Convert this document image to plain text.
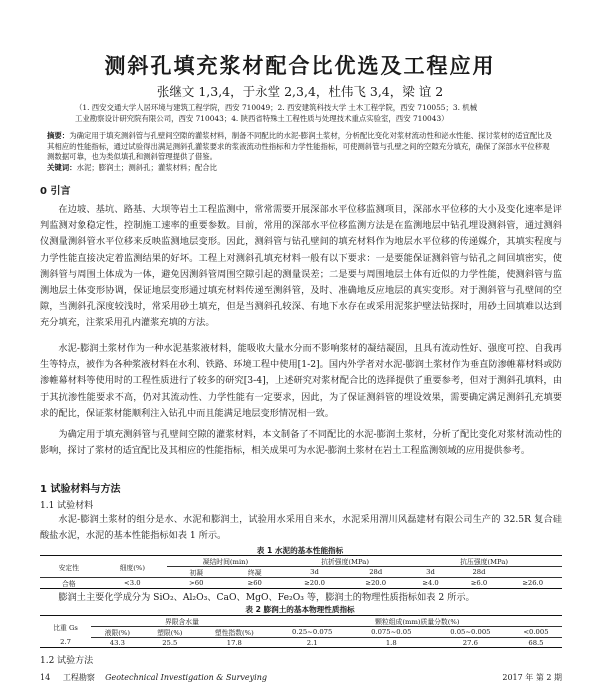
测斜孔填充浆材配合比优选及工程应用
张继文 1,3,4，于永堂 2,3,4，杜伟飞 3,4，梁 谊 2
（1. 西安交通大学人居环境与建筑工程学院，西安 710049；2. 西安建筑科技大学 土木工程学院，西安 710055；3. 机械
工业勘察设计研究院有限公司，西安 710043；4. 陕西省特殊土工程性质与处理技术重点实验室，西安 710043）
摘要：为确定用于填充测斜管与孔壁间空隙的灌浆材料，制备不同配比的水泥-膨润土浆材，分析配比变化对浆材流动性和泌水性能、探讨浆材的适宜配比及其相应的性能指标，通过试验得出满足测斜孔灌浆要求的浆液流动性指标和力学性能指标，可使测斜管与孔壁之间的空隙充分填充，确保了深部水平位移观测数据可靠，也为类似填孔和测斜管理提供了借鉴。
关键词：水泥；膨润土；测斜孔；灌浆材料；配合比
0 引言
在边坡、基坑、路基、大坝等岩土工程监测中，常常需要开展深部水平位移监测项目，深部水平位移的大小及变化速率是评判监测对象稳定性，控制施工速率的重要参数。目前，常用的深部水平位移监测方法是在监测地层中钻孔埋设测斜管，通过测斜仪测量测斜管水平位移来反映监测地层变形。因此，测斜管与钻孔壁间的填充材料作为地层水平位移的传递媒介，其填实程度与力学性能直接决定着监测结果的好坏。工程上对测斜孔填充材料一般有以下要求：一是要能保证测斜管与钻孔之间回填密实，使测斜管与周围土体成为一体，避免因测斜管周围空隙引起的测量误差；二是要与周围地层土体有近似的力学性能，使测斜管与监测地层土体变形协调，保证地层变形通过填充材料传递至测斜管，及时、准确地反应地层的真实变形。对于测斜管与孔壁间的空隙，当测斜孔深度较浅时，常采用砂土填充，但是当测斜孔较深、有地下水存在或采用泥浆护壁法钻探时，用砂土回填难以达到充分填充，注浆采用孔内灌浆充填的方法。
水泥-膨润土浆材作为一种水泥基浆液材料，能吸收大量水分而不影响浆材的凝结凝固，且具有流动性好、强度可控、自我再生等特点，被作为各种浆液材料在水利、铁路、环境工程中使用[1-2]。国内外学者对水泥-膨润土浆材作为垂直防渗帷幕材料或防渗帷幕材料等使用时的工程性质进行了较多的研究[3-4]，上述研究对浆材配合比的选择提供了重要参考，但对于测斜孔填料，由于其抗渗性能要求不高，仍对其流动性、力学性能有一定要求，因此，为了保证测斜管的埋设效果，需要确定满足测斜孔充填要求的配比，保证浆材能顺利注入钻孔中而且能满足地层变形情况相一致。
为确定用于填充测斜管与孔壁间空隙的灌浆材料，本文制备了不同配比的水泥-膨润土浆材，分析了配比变化对浆材流动性的影响，探讨了浆材的适宜配比及其相应的性能指标，相关成果可为水泥-膨润土浆材在岩土工程监测领域的应用提供参考。
1 试验材料与方法
1.1 试验材料
水泥-膨润土浆材的组分是水、水泥和膨润土，试验用水采用自来水，水泥采用渭川风磊建材有限公司生产的 32.5R 复合硅酸盐水泥，水泥的基本性能指标如表 1 所示。
表 1 水泥的基本性能指标
安定性	细度(%)	凝结时间(min)		抗折强度(MPa)		抗压强度(MPa)		
		初凝	终凝	3d	28d	3d	28d	
合格	<3.0	>60	≥60	≥20.0	≥20.0	≥4.0	≥6.0	≥26.0
膨润土主要化学成分为 SiO₂、Al₂O₃、CaO、MgO、Fe₂O₃ 等，膨润土的物理性质指标如表 2 所示。
表 2 膨润土的基本物理性质指标
比重 Gs	界限含水量			颗粒组成(mm)质量分数(%)			
	液限(%)	塑限(%)	塑性指数(%)	0.25~0.075	0.075~0.05	0.05~0.005	<0.005
2.7	43.3	25.5	17.8	2.1	1.8	27.6	68.5
1.2 试验方法
14 工程勘察 Geotechnical Investigation & Surveying	2017 年 第 2 期
